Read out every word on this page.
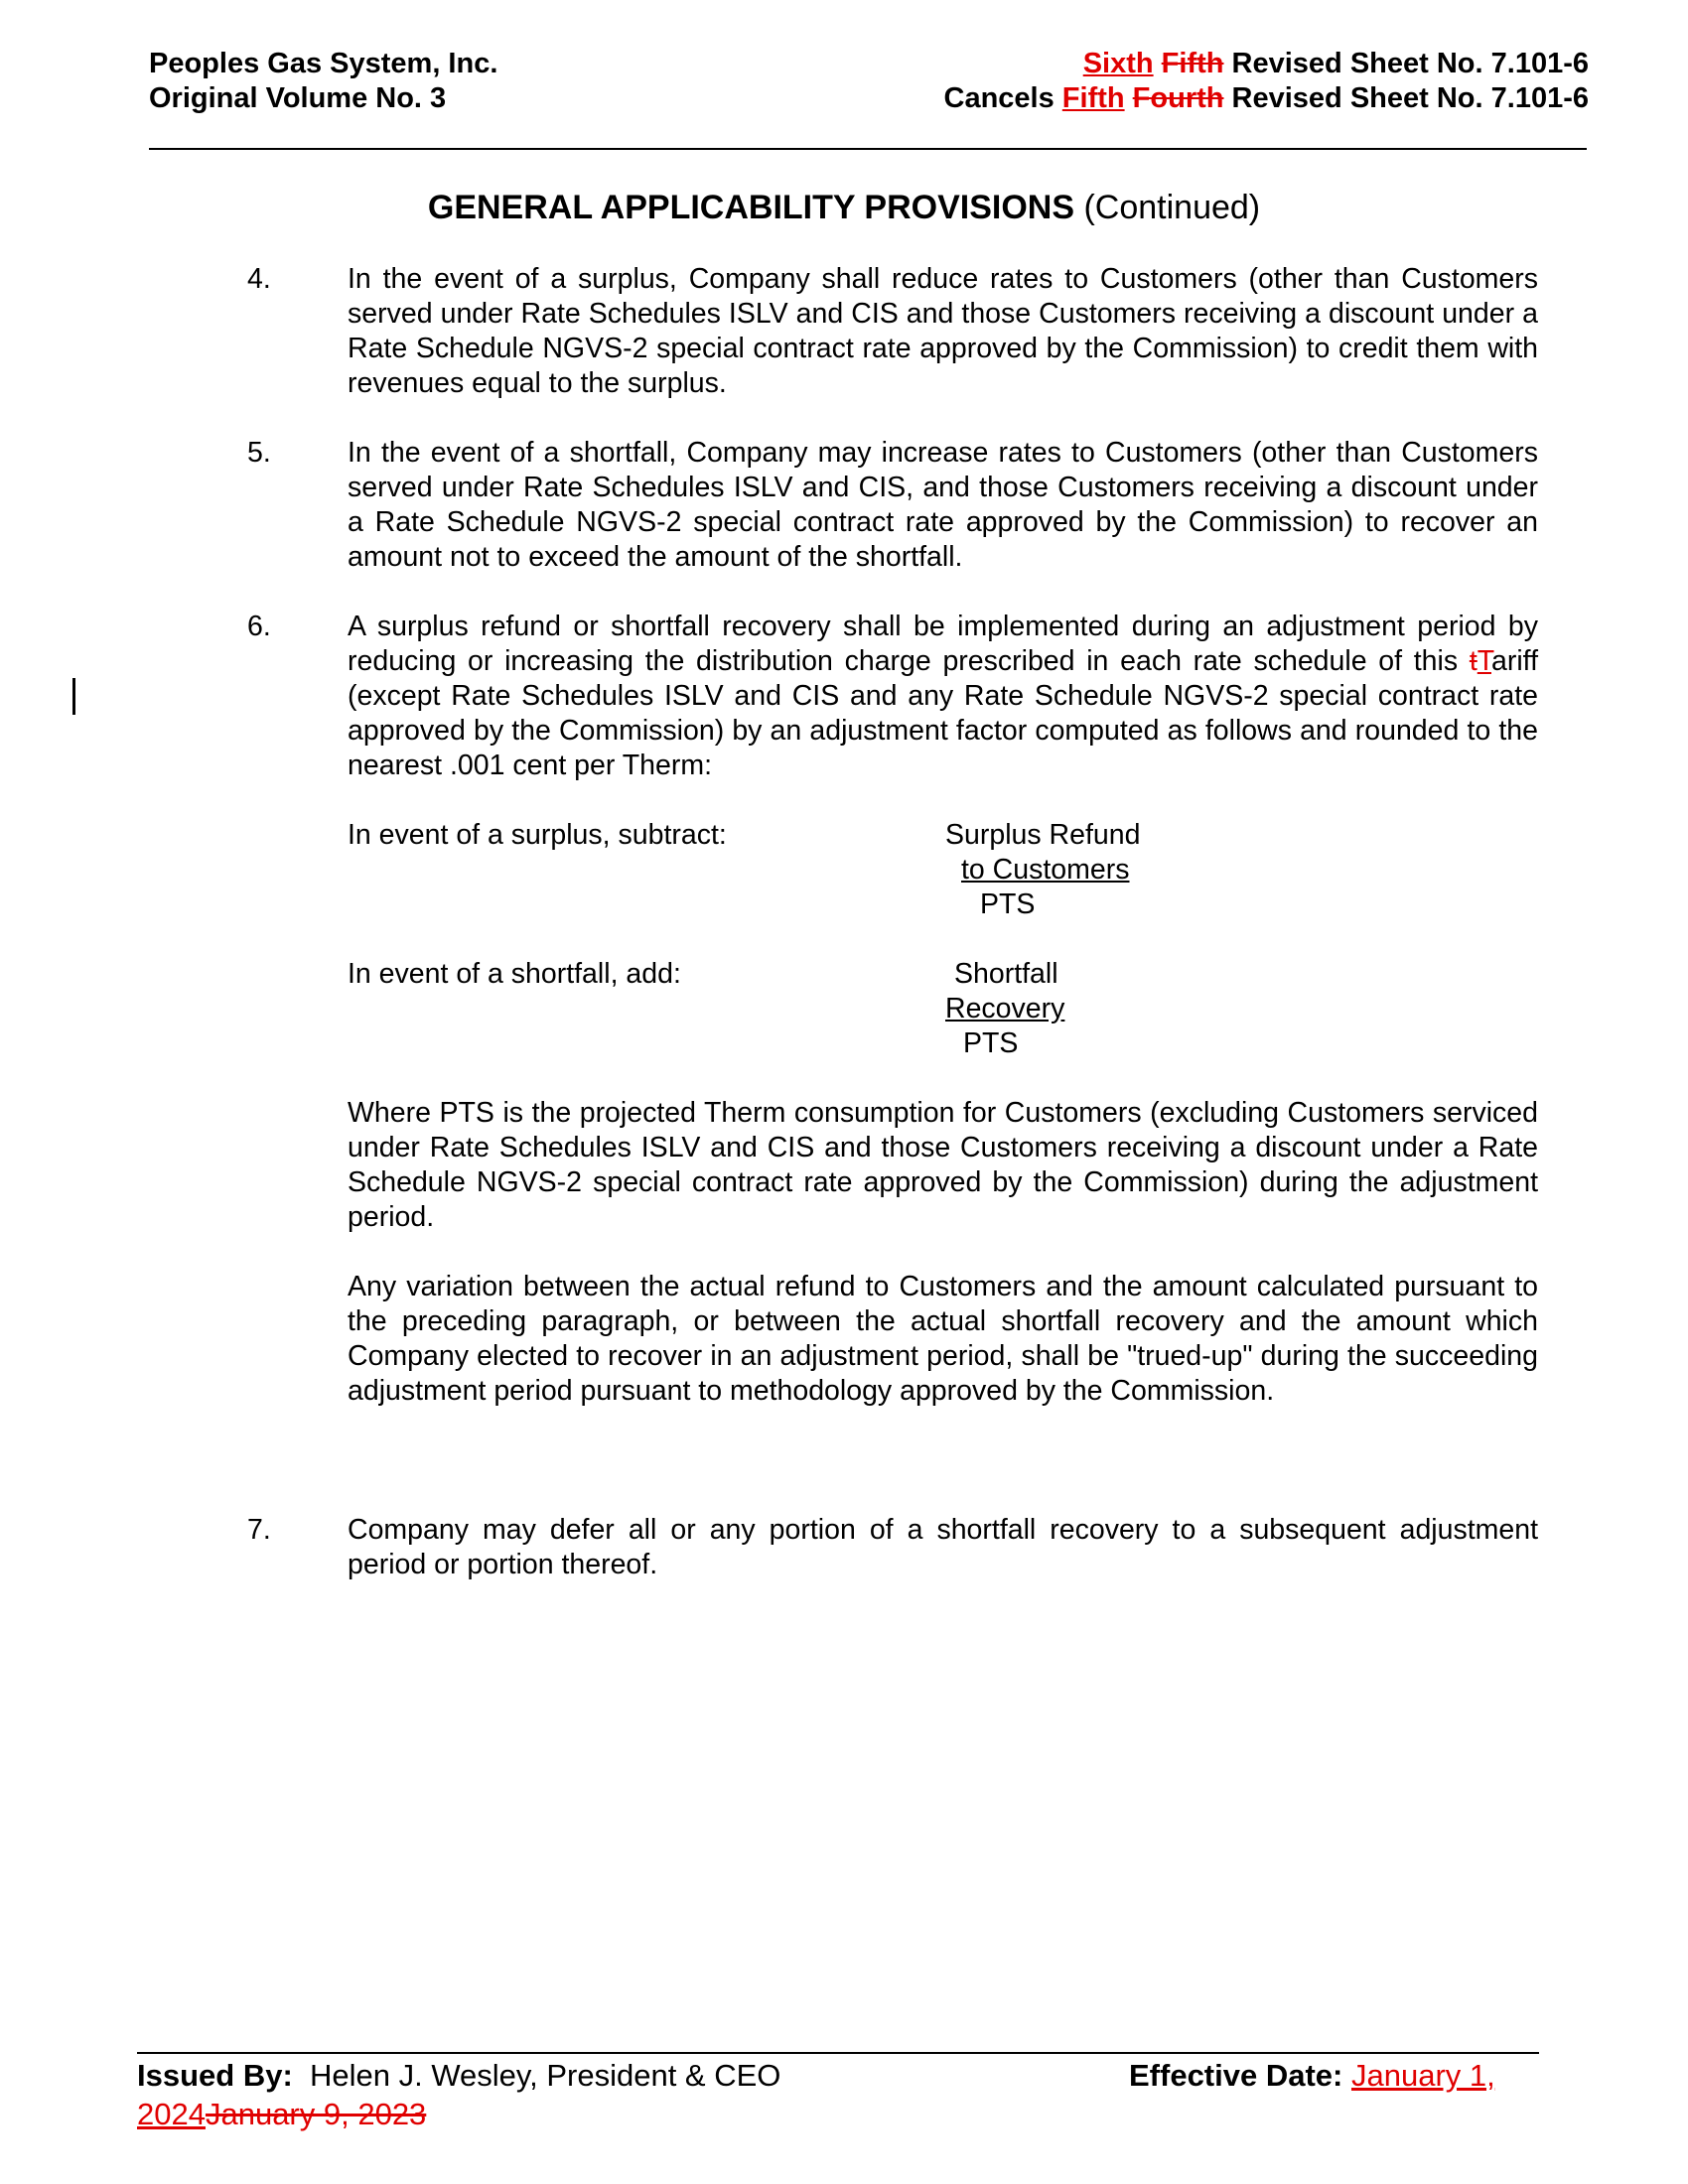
Peoples Gas System, Inc.
Original Volume No. 3
Sixth Fifth Revised Sheet No. 7.101-6
Cancels Fifth Fourth Revised Sheet No. 7.101-6
GENERAL APPLICABILITY PROVISIONS (Continued)
4.	In the event of a surplus, Company shall reduce rates to Customers (other than Customers served under Rate Schedules ISLV and CIS and those Customers receiving a discount under a Rate Schedule NGVS-2 special contract rate approved by the Commission) to credit them with revenues equal to the surplus.
5.	In the event of a shortfall, Company may increase rates to Customers (other than Customers served under Rate Schedules ISLV and CIS, and those Customers receiving a discount under a Rate Schedule NGVS-2 special contract rate approved by the Commission) to recover an amount not to exceed the amount of the shortfall.
6.	A surplus refund or shortfall recovery shall be implemented during an adjustment period by reducing or increasing the distribution charge prescribed in each rate schedule of this tTariff (except Rate Schedules ISLV and CIS and any Rate Schedule NGVS-2 special contract rate approved by the Commission) by an adjustment factor computed as follows and rounded to the nearest .001 cent per Therm:
In event of a surplus, subtract:	Surplus Refund
to Customers
PTS
In event of a shortfall, add:	Shortfall
Recovery
PTS
Where PTS is the projected Therm consumption for Customers (excluding Customers serviced under Rate Schedules ISLV and CIS and those Customers receiving a discount under a Rate Schedule NGVS-2 special contract rate approved by the Commission) during the adjustment period.
Any variation between the actual refund to Customers and the amount calculated pursuant to the preceding paragraph, or between the actual shortfall recovery and the amount which Company elected to recover in an adjustment period, shall be "trued-up" during the succeeding adjustment period pursuant to methodology approved by the Commission.
7.	Company may defer all or any portion of a shortfall recovery to a subsequent adjustment period or portion thereof.
Issued By: Helen J. Wesley, President & CEO	Effective Date: January 1,
2024January 9, 2023
